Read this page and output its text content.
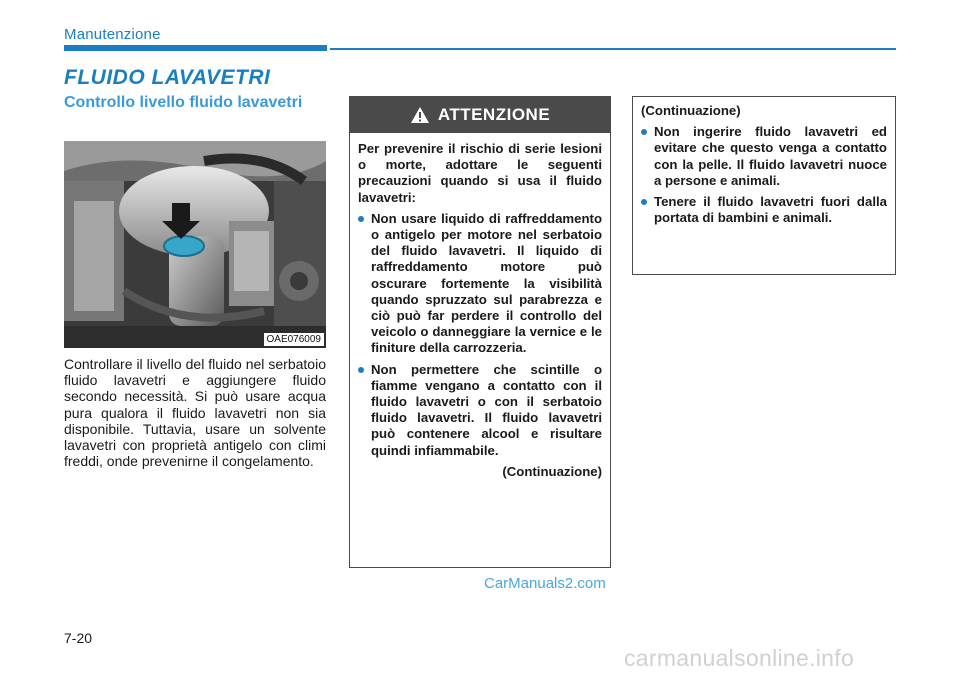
Manutenzione
FLUIDO LAVAVETRI
Controllo livello fluido lavavetri
OAE076009
Controllare il livello del fluido nel serbatoio fluido lavavetri e aggiungere fluido secondo necessità. Si può usare acqua pura qualora il fluido lavavetri non sia disponibile. Tuttavia, usare un solvente lavavetri con proprietà antigelo con climi freddi, onde prevenirne il congelamento.
ATTENZIONE
Per prevenire il rischio di serie lesioni o morte, adottare le seguenti precauzioni quando si usa il fluido lavavetri:
Non usare liquido di raffreddamento o antigelo per motore nel serbatoio del fluido lavavetri. Il liquido di raffreddamento motore può oscurare fortemente la visibilità quando spruzzato sul parabrezza e ciò può far perdere il controllo del veicolo o danneggiare la vernice e le finiture della carrozzeria.
Non permettere che scintille o fiamme vengano a contatto con il fluido lavavetri o con il serbatoio fluido lavavetri. Il fluido lavavetri può contenere alcool e risultare quindi infiammabile.
(Continuazione)
(Continuazione)
Non ingerire fluido lavavetri ed evitare che questo venga a contatto con la pelle. Il fluido lavavetri nuoce a persone e animali.
Tenere il fluido lavavetri fuori dalla portata di bambini e animali.
7-20
CarManuals2.com
carmanualsonline.info
